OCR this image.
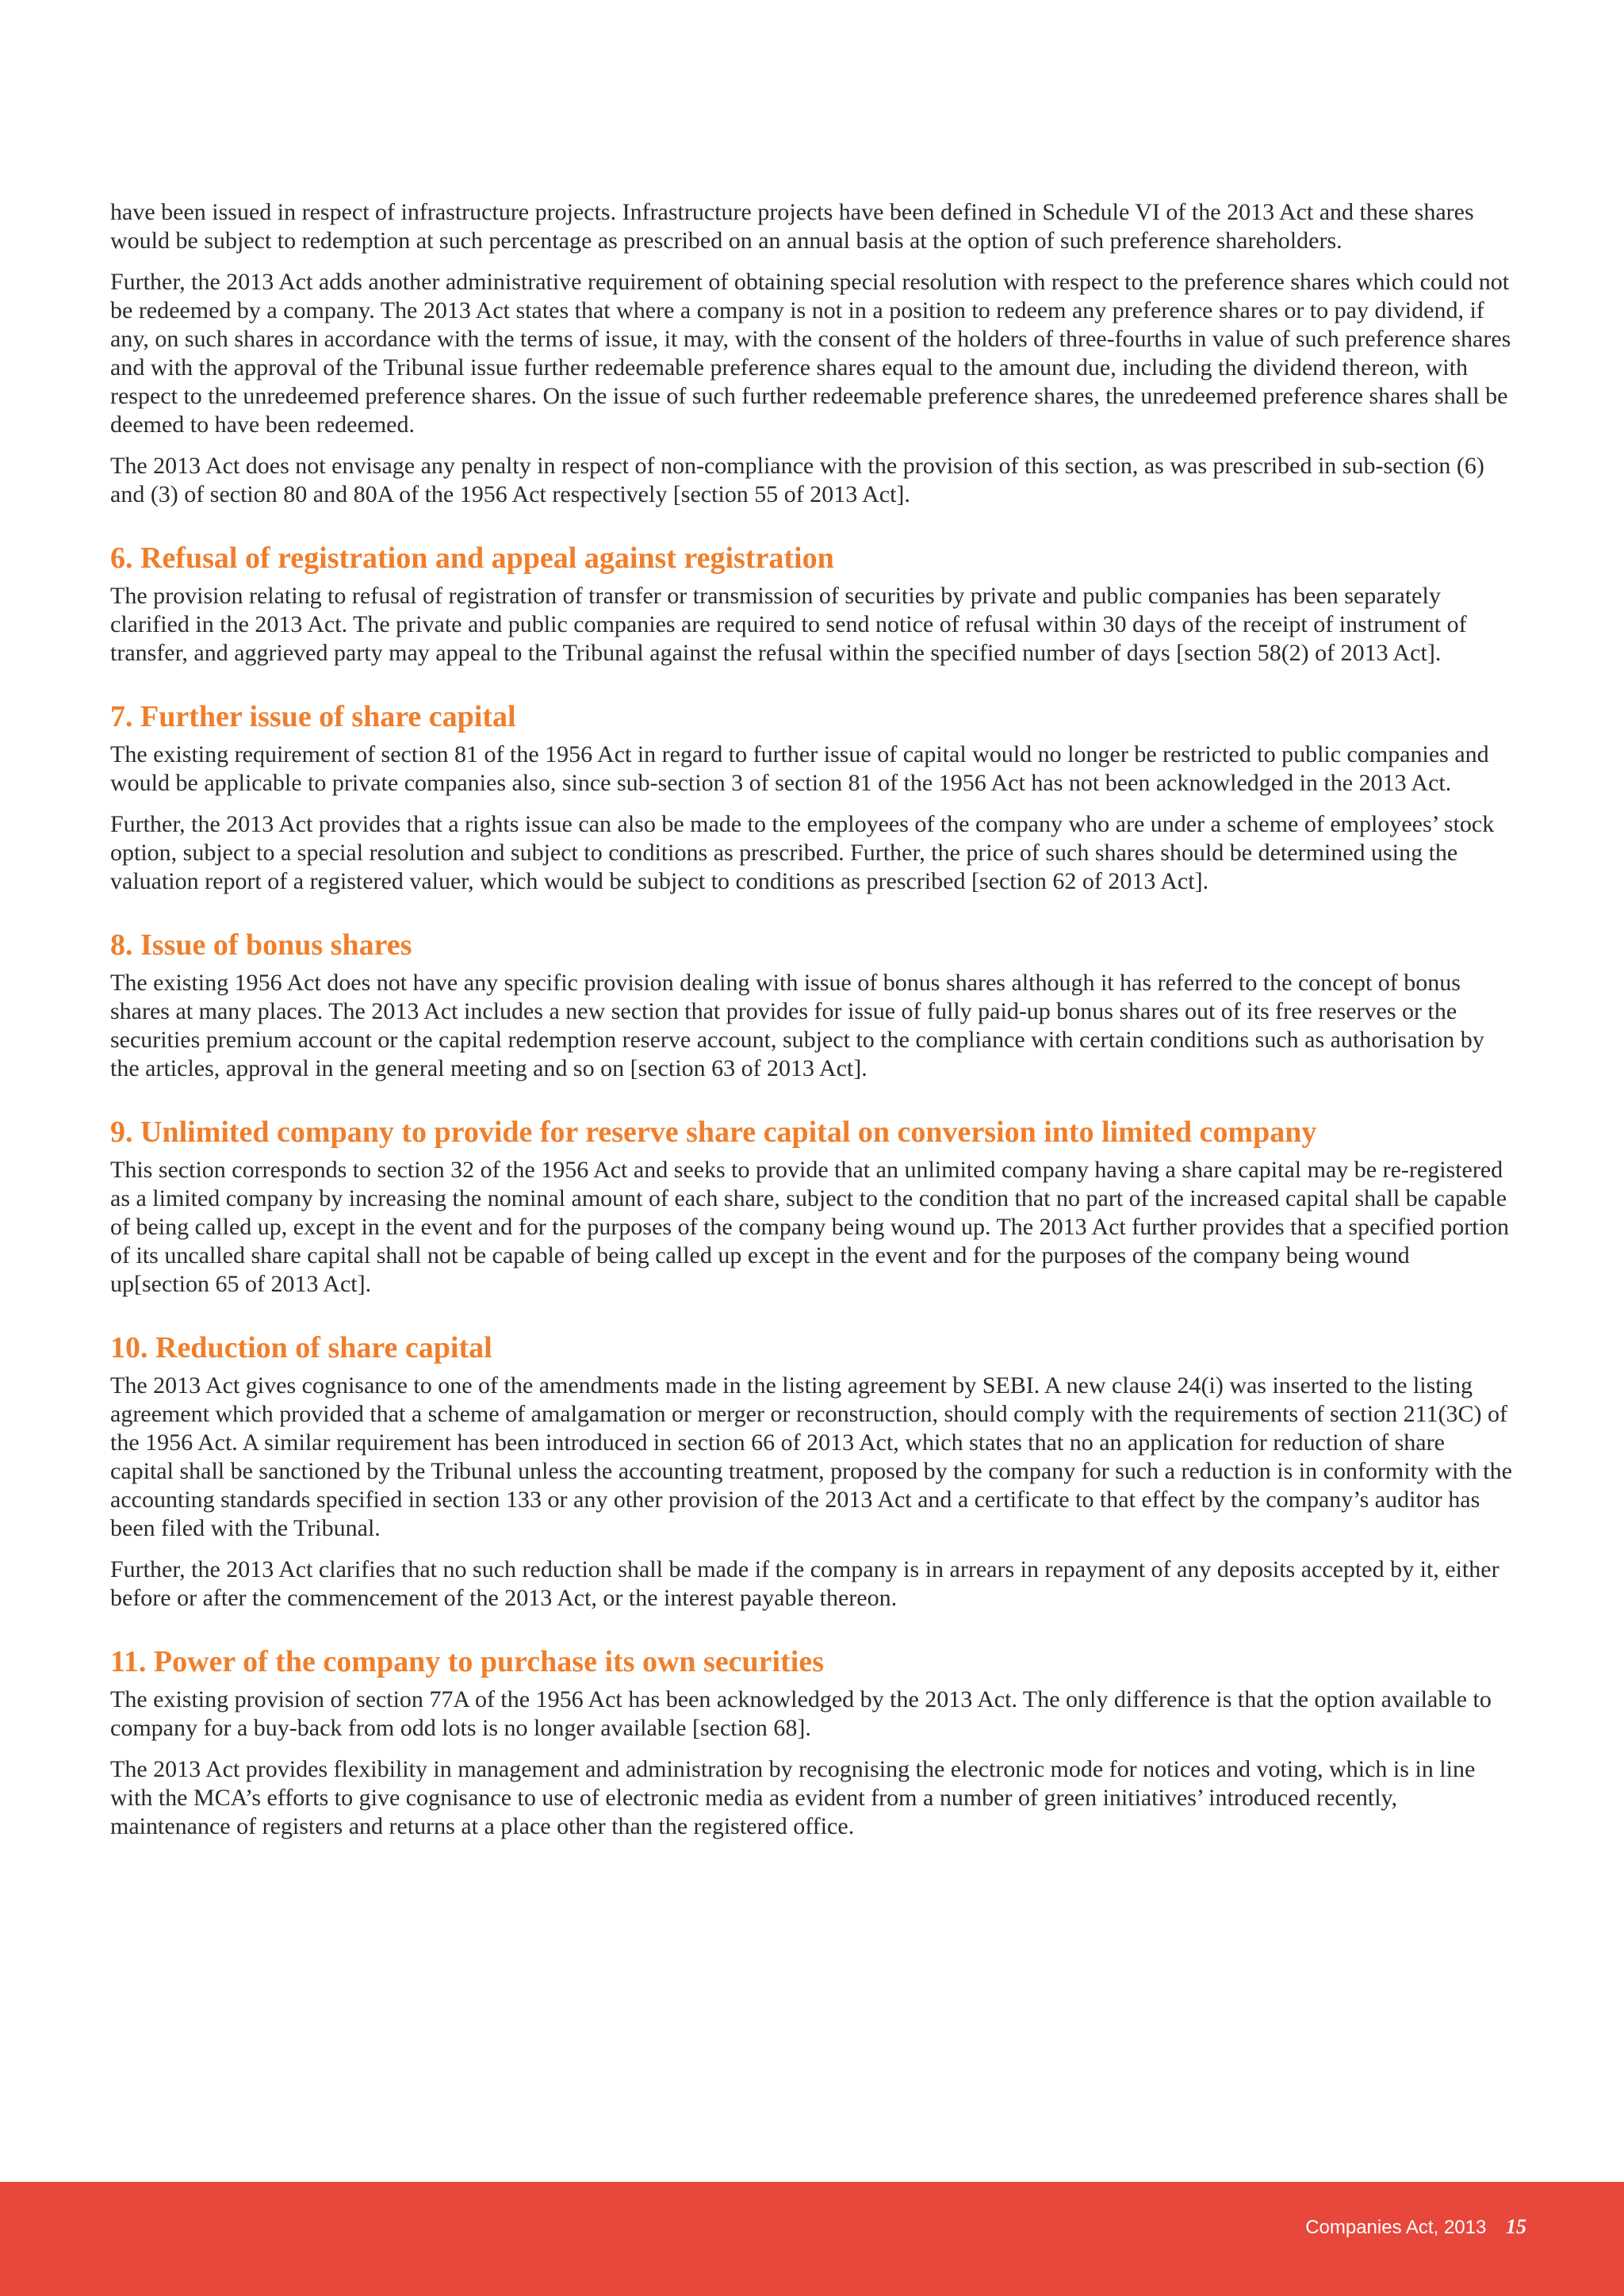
have been issued in respect of infrastructure projects. Infrastructure projects have been defined in Schedule VI of the 2013 Act and these shares would be subject to redemption at such percentage as prescribed on an annual basis at the option of such preference shareholders.

Further, the 2013 Act adds another administrative requirement of obtaining special resolution with respect to the preference shares which could not be redeemed by a company. The 2013 Act states that where a company is not in a position to redeem any preference shares or to pay dividend, if any, on such shares in accordance with the terms of issue, it may, with the consent of the holders of three-fourths in value of such preference shares and with the approval of the Tribunal issue further redeemable preference shares equal to the amount due, including the dividend thereon, with respect to the unredeemed preference shares. On the issue of such further redeemable preference shares, the unredeemed preference shares shall be deemed to have been redeemed.

The 2013 Act does not envisage any penalty in respect of non-compliance with the provision of this section, as was prescribed in sub-section (6) and (3) of section 80 and 80A of the 1956 Act respectively [section 55 of 2013 Act].

6. Refusal of registration and appeal against registration

The provision relating to refusal of registration of transfer or transmission of securities by private and public companies has been separately clarified in the 2013 Act. The private and public companies are required to send notice of refusal within 30 days of the receipt of instrument of transfer, and aggrieved party may appeal to the Tribunal against the refusal within the specified number of days [section 58(2) of 2013 Act].

7. Further issue of share capital

The existing requirement of section 81 of the 1956 Act in regard to further issue of capital would no longer be restricted to public companies and would be applicable to private companies also, since sub-section 3 of section 81 of the 1956 Act has not been acknowledged in the 2013 Act.

Further, the 2013 Act provides that a rights issue can also be made to the employees of the company who are under a scheme of employees’ stock option, subject to a special resolution and subject to conditions as prescribed. Further, the price of such shares should be determined using the valuation report of a registered valuer, which would be subject to conditions as prescribed [section 62 of 2013 Act].

8. Issue of bonus shares

The existing 1956 Act does not have any specific provision dealing with issue of bonus shares although it has referred to the concept of bonus shares at many places. The 2013 Act includes a new section that provides for issue of fully paid-up bonus shares out of its free reserves or the securities premium account or the capital redemption reserve account, subject to the compliance with certain conditions such as authorisation by the articles, approval in the general meeting and so on [section 63 of 2013 Act].

9. Unlimited company to provide for reserve share capital on conversion into limited company

This section corresponds to section 32 of the 1956 Act and seeks to provide that an unlimited company having a share capital may be re-registered as a limited company by increasing the nominal amount of each share, subject to the condition that no part of the increased capital shall be capable of being called up, except in the event and for the purposes of the company being wound up. The 2013 Act further provides that a specified portion of its uncalled share capital shall not be capable of being called up except in the event and for the purposes of the company being wound up[section 65 of 2013 Act].

10. Reduction of share capital

The 2013 Act gives cognisance to one of the amendments made in the listing agreement by SEBI. A new clause 24(i) was inserted to the listing agreement which provided that a scheme of amalgamation or merger or reconstruction, should comply with the requirements of section 211(3C) of the 1956 Act. A similar requirement has been introduced in section 66 of 2013 Act, which states that no an application for reduction of share capital shall be sanctioned by the Tribunal unless the accounting treatment, proposed by the company for such a reduction is in conformity with the accounting standards specified in section 133 or any other provision of the 2013 Act and a certificate to that effect by the company’s auditor has been filed with the Tribunal.

Further, the 2013 Act clarifies that no such reduction shall be made if the company is in arrears in repayment of any deposits accepted by it, either before or after the commencement of the 2013 Act, or the interest payable thereon.

11. Power of the company to purchase its own securities

The existing provision of section 77A of the 1956 Act has been acknowledged by the 2013 Act. The only difference is that the option available to company for a buy-back from odd lots is no longer available [section 68].

The 2013 Act provides flexibility in management and administration by recognising the electronic mode for notices and voting, which is in line with the MCA’s efforts to give cognisance to use of electronic media as evident from a number of green initiatives’ introduced recently, maintenance of registers and returns at a place other than the registered office.

Companies Act, 2013 15
